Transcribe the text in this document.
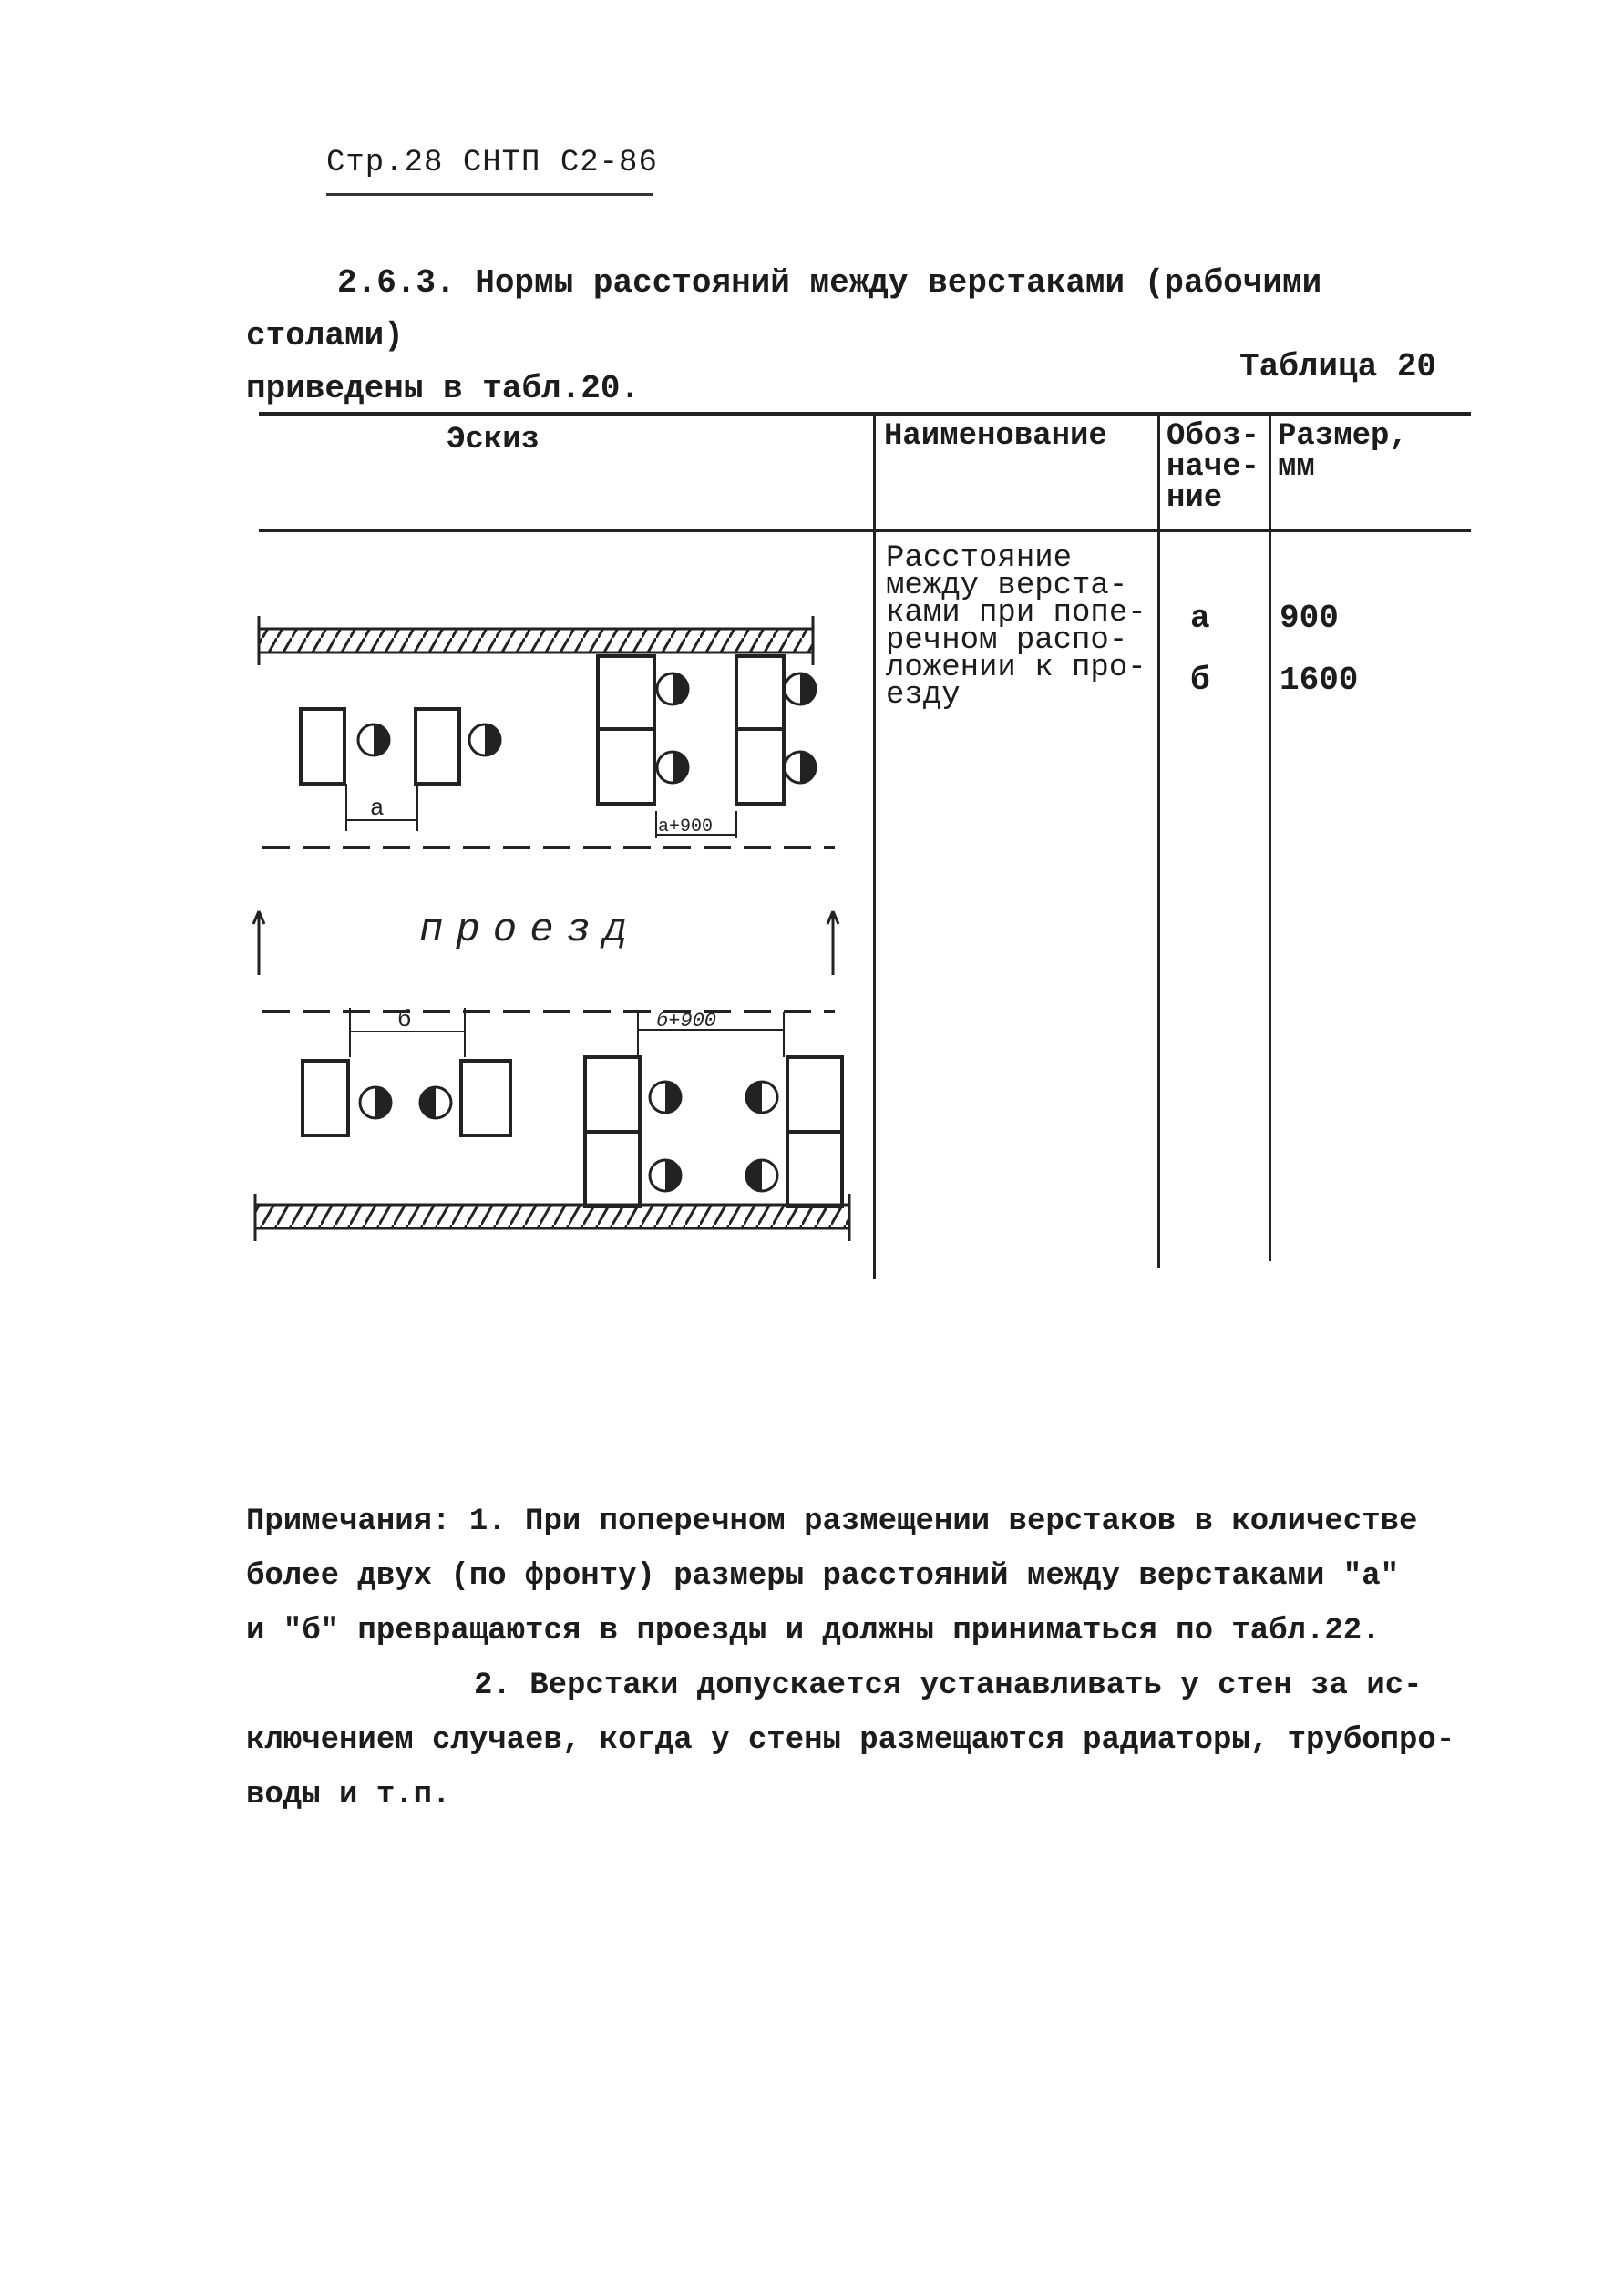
Стр.28 СНТП С2-86
2.6.3. Нормы расстояний между верстаками (рабочими столами)
приведены в табл.20.
Таблица 20
Эскиз	Наименование Обоз-
наче-
ние
Размер,
мм
Расстояние
между верста-
ками при попе-
речном распо-
ложении к про-
езду
а
б
900
1600
а
а+900
проезд
б	б+900

Примечания: 1. При поперечном размещении верстаков в количестве

более двух (по фронту) размеры расстояний между верстаками "а"

и "б" превращаются в проезды и должны приниматься по табл.22.

2. Верстаки допускается устанавливать у стен за ис-

ключением случаев, когда у стены размещаются радиаторы, трубопро-

воды и т.п.
